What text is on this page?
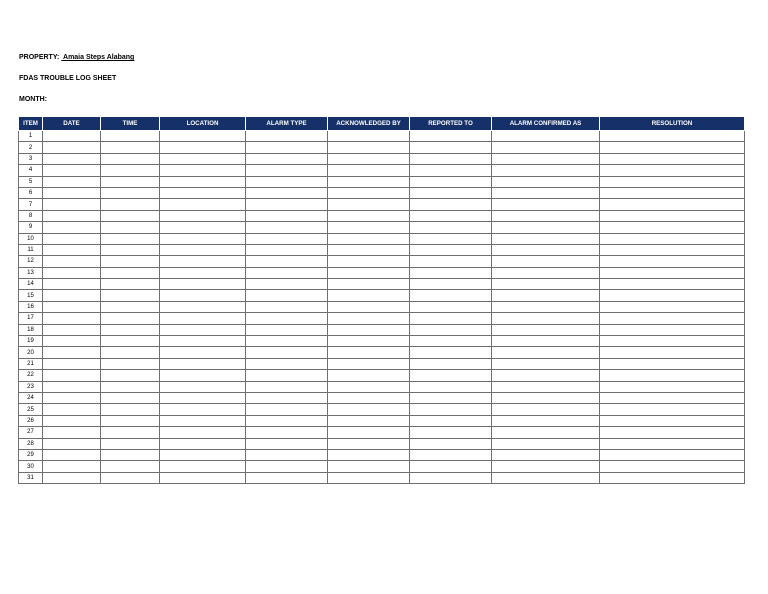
PROPERTY: Amaia Steps Alabang
FDAS TROUBLE LOG SHEET
MONTH:
ITEM	DATE	TIME	LOCATION	ALARM TYPE	ACKNOWLEDGED BY	REPORTED TO	ALARM CONFIRMED AS	RESOLUTION
1								
2								
3								
4								
5								
6								
7								
8								
9								
10								
11								
12								
13								
14								
15								
16								
17								
18								
19								
20								
21								
22								
23								
24								
25								
26								
27								
28								
29								
30								
31								
